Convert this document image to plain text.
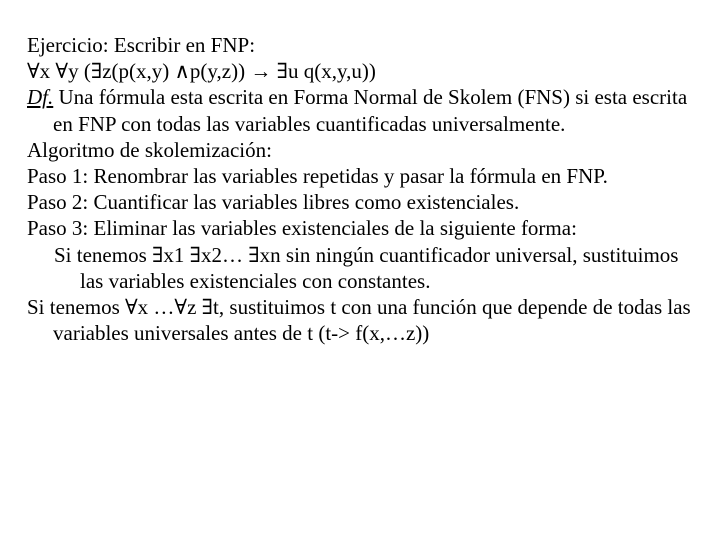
Ejercicio: Escribir en FNP:

∀x ∀y (∃z(p(x,y) ∧p(y,z)) → ∃u q(x,y,u))

Df. Una fórmula esta escrita en Forma Normal de Skolem (FNS) si esta escrita en FNP con todas las variables cuantificadas universalmente.

Algoritmo de skolemización:

Paso 1: Renombrar las variables repetidas y pasar la fórmula en FNP.

Paso 2: Cuantificar las variables libres como existenciales.

Paso 3: Eliminar las variables existenciales de la siguiente forma:

Si tenemos ∃x1 ∃x2… ∃xn sin ningún cuantificador universal, sustituimos las variables existenciales con constantes.

Si tenemos ∀x …∀z ∃t, sustituimos t con una función que depende de todas las variables universales antes de t (t-> f(x,…z))
